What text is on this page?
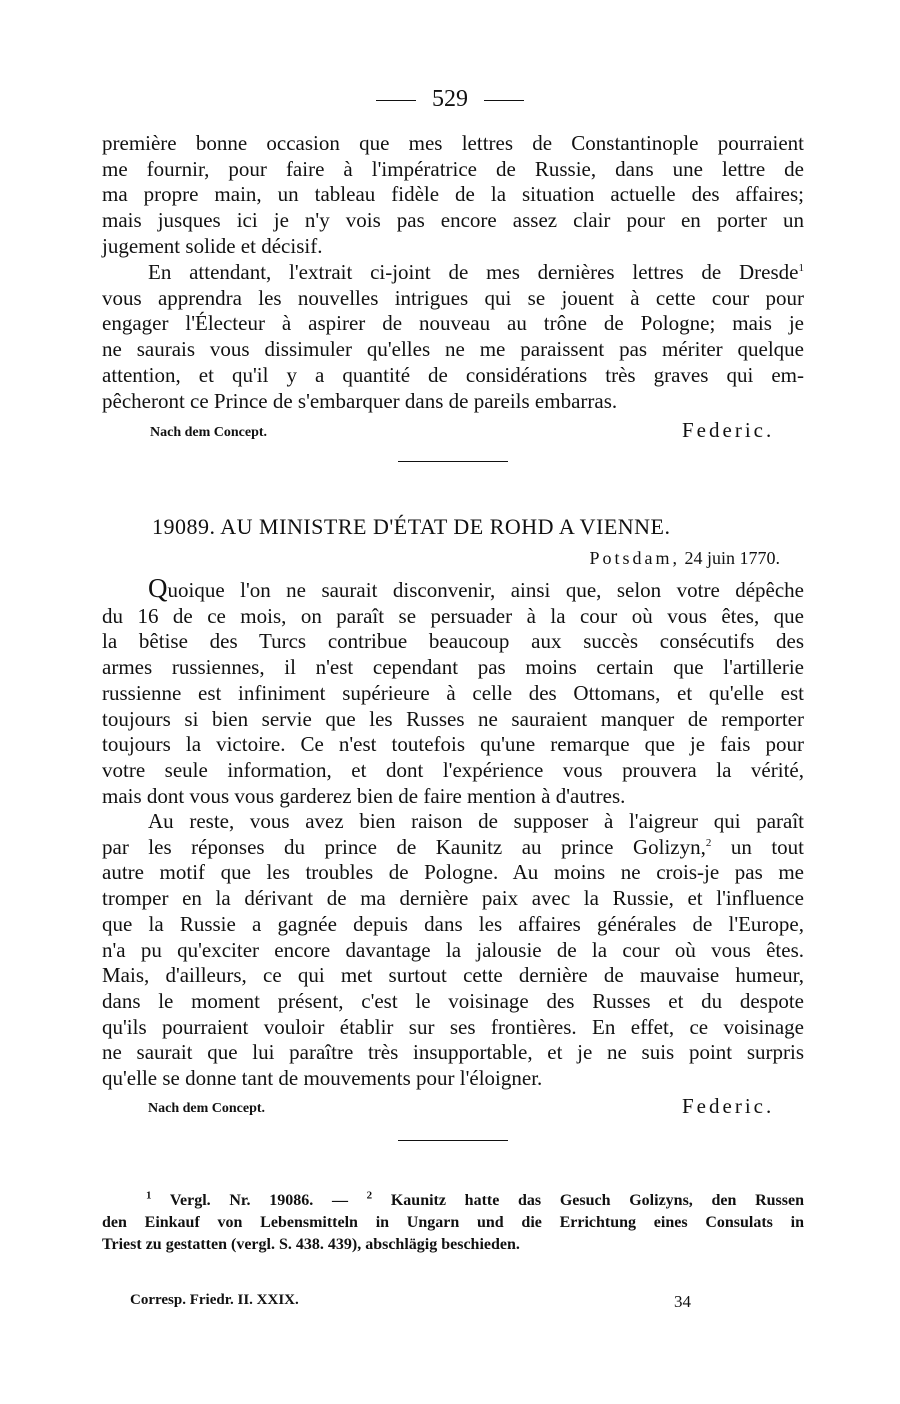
529
première bonne occasion que mes lettres de Constantinople pourraient
me fournir, pour faire à l'impératrice de Russie, dans une lettre de
ma propre main, un tableau fidèle de la situation actuelle des affaires;
mais jusques ici je n'y vois pas encore assez clair pour en porter un
jugement solide et décisif.
En attendant, l'extrait ci-joint de mes dernières lettres de Dresde$^1$
vous apprendra les nouvelles intrigues qui se jouent à cette cour pour
engager l'Électeur à aspirer de nouveau au trône de Pologne; mais je
ne saurais vous dissimuler qu'elles ne me paraissent pas mériter quelque
attention, et qu'il y a quantité de considérations très graves qui em-
pêcheront ce Prince de s'embarquer dans de pareils embarras.
Nach dem Concept.	Federic.
19089. AU MINISTRE D'ÉTAT DE ROHD A VIENNE.
Potsdam, 24 juin 1770.
Quoique l'on ne saurait disconvenir, ainsi que, selon votre dépêche
du 16 de ce mois, on paraît se persuader à la cour où vous êtes, que
la bêtise des Turcs contribue beaucoup aux succès consécutifs des
armes russiennes, il n'est cependant pas moins certain que l'artillerie
russienne est infiniment supérieure à celle des Ottomans, et qu'elle est
toujours si bien servie que les Russes ne sauraient manquer de remporter
toujours la victoire. Ce n'est toutefois qu'une remarque que je fais pour
votre seule information, et dont l'expérience vous prouvera la vérité,
mais dont vous vous garderez bien de faire mention à d'autres.
Au reste, vous avez bien raison de supposer à l'aigreur qui paraît
par les réponses du prince de Kaunitz au prince Golizyn,$^2$ un tout
autre motif que les troubles de Pologne. Au moins ne crois-je pas me
tromper en la dérivant de ma dernière paix avec la Russie, et l'influence
que la Russie a gagnée depuis dans les affaires générales de l'Europe,
n'a pu qu'exciter encore davantage la jalousie de la cour où vous êtes.
Mais, d'ailleurs, ce qui met surtout cette dernière de mauvaise humeur,
dans le moment présent, c'est le voisinage des Russes et du despote
qu'ils pourraient vouloir établir sur ses frontières. En effet, ce voisinage
ne saurait que lui paraître très insupportable, et je ne suis point surpris
qu'elle se donne tant de mouvements pour l'éloigner.
Nach dem Concept.	Federic.
$^1$ Vergl. Nr. 19086. — $^2$ Kaunitz hatte das Gesuch Golizyns, den Russen
den Einkauf von Lebensmitteln in Ungarn und die Errichtung eines Consulats in
Triest zu gestatten (vergl. S. 438. 439), abschlägig beschieden.
Corresp. Friedr. II. XXIX.	34
